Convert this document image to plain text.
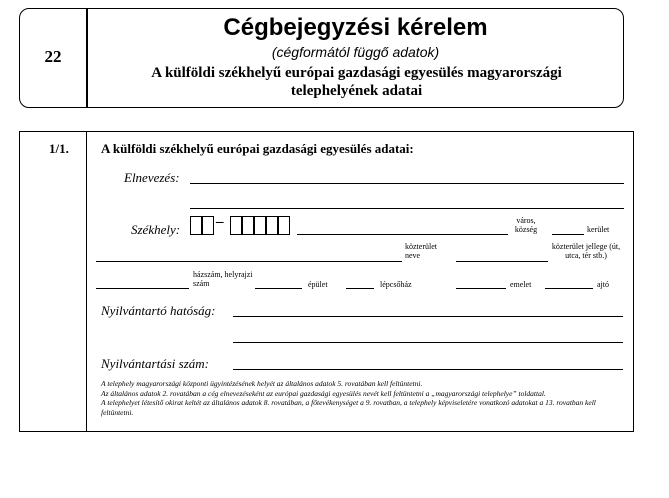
22
Cégbejegyzési kérelem
(cégformától függő adatok)
A külföldi székhelyű európai gazdasági egyesülés magyarországi telephelyének adatai
1/1. A külföldi székhelyű európai gazdasági egyesülés adatai:
Elnevezés:
Székhely: –	város, község	kerület
közterület neve
közterület jellege (út, utca, tér stb.)
házszám, helyrajzi szám	épület	lépcsőház	emelet	ajtó
Nyilvántartó hatóság:
Nyilvántartási szám:
A telephely magyarországi központi ügyintézésének helyét az általános adatok 5. rovatában kell feltüntetni.
Az általános adatok 2. rovatában a cég elnevezéseként az európai gazdasági egyesülés nevét kell feltüntetni a „magyarországi telephelye” toldattal.
A telephelyet létesítő okirat keltét az általános adatok 8. rovatában, a főtevékenységet a 9. rovatban, a telephely képviseletére vonatkozó adatokat a 13. rovatban kell feltüntetni.
